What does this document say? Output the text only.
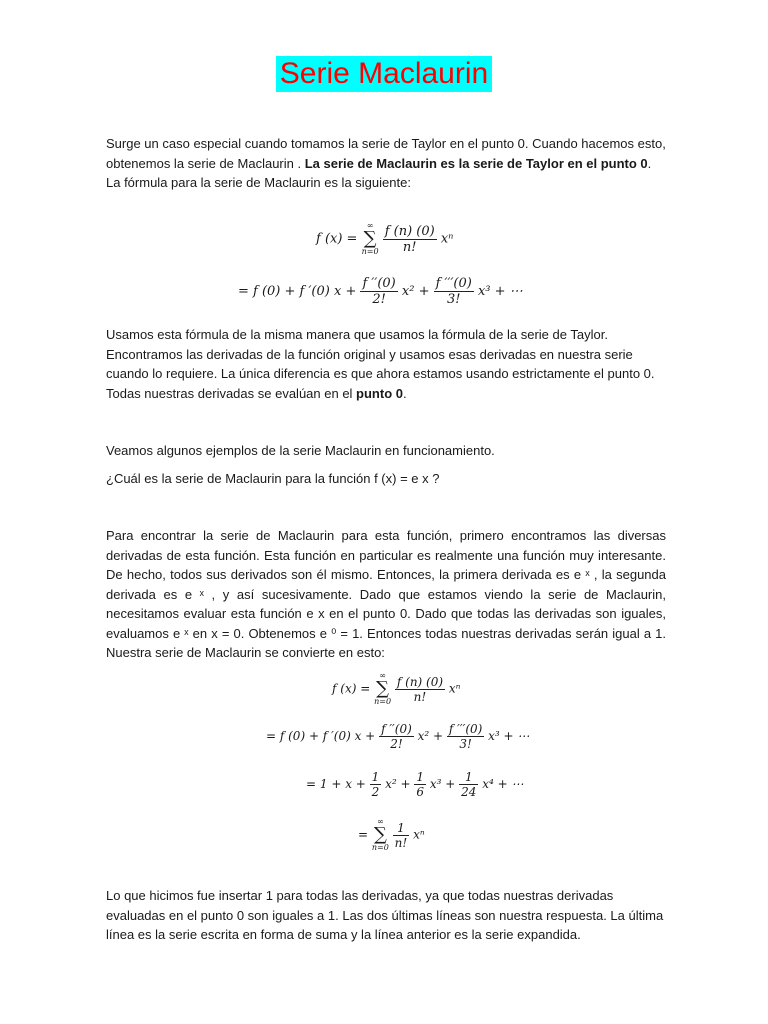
Serie Maclaurin

Surge un caso especial cuando tomamos la serie de Taylor en el punto 0. Cuando hacemos esto, obtenemos la serie de Maclaurin . La serie de Maclaurin es la serie de Taylor en el punto 0. La fórmula para la serie de Maclaurin es la siguiente:

f (x) =
∞
∑
n=0
$\frac{f (n) (0)}{n!}$ xⁿ
= f (0) + f ′(0) $x + \frac{f ''(0)}{2!} x^2 + \frac{f '''(0)}{3!} x^3$ + ⋯

Usamos esta fórmula de la misma manera que usamos la fórmula de la serie de Taylor. Encontramos las derivadas de la función original y usamos esas derivadas en nuestra serie cuando lo requiere. La única diferencia es que ahora estamos usando estrictamente el punto 0. Todas nuestras derivadas se evalúan en el punto 0.

Veamos algunos ejemplos de la serie Maclaurin en funcionamiento.

¿Cuál es la serie de Maclaurin para la función f (x) = e x ?

Para encontrar la serie de Maclaurin para esta función, primero encontramos las diversas derivadas de esta función. Esta función en particular es realmente una función muy interesante. De hecho, todos sus derivados son él mismo. Entonces, la primera derivada es e ˣ , la segunda derivada es e ˣ , y así sucesivamente. Dado que estamos viendo la serie de Maclaurin, necesitamos evaluar esta función e x en el punto 0. Dado que todas las derivadas son iguales, evaluamos e ˣ en x = 0. Obtenemos e ⁰ = 1. Entonces todas nuestras derivadas serán igual a 1. Nuestra serie de Maclaurin se convierte en esto:

f (x) =
∞
∑
n=0
$\frac{f (n) (0)}{n!}$ xⁿ
= f (0) + f ′(0) $x + \frac{f ''(0)}{2!} x^2 + \frac{f '''(0)}{3!} x^3$ + ⋯
= $1 + x + \frac{1}{2} x^2 + \frac{1}{6} x^3 + \frac{1}{24} x^4$ + ⋯
=
∞
∑
n=0
$\frac{1}{n!}$ xⁿ

Lo que hicimos fue insertar 1 para todas las derivadas, ya que todas nuestras derivadas evaluadas en el punto 0 son iguales a 1. Las dos últimas líneas son nuestra respuesta. La última línea es la serie escrita en forma de suma y la línea anterior es la serie expandida.
